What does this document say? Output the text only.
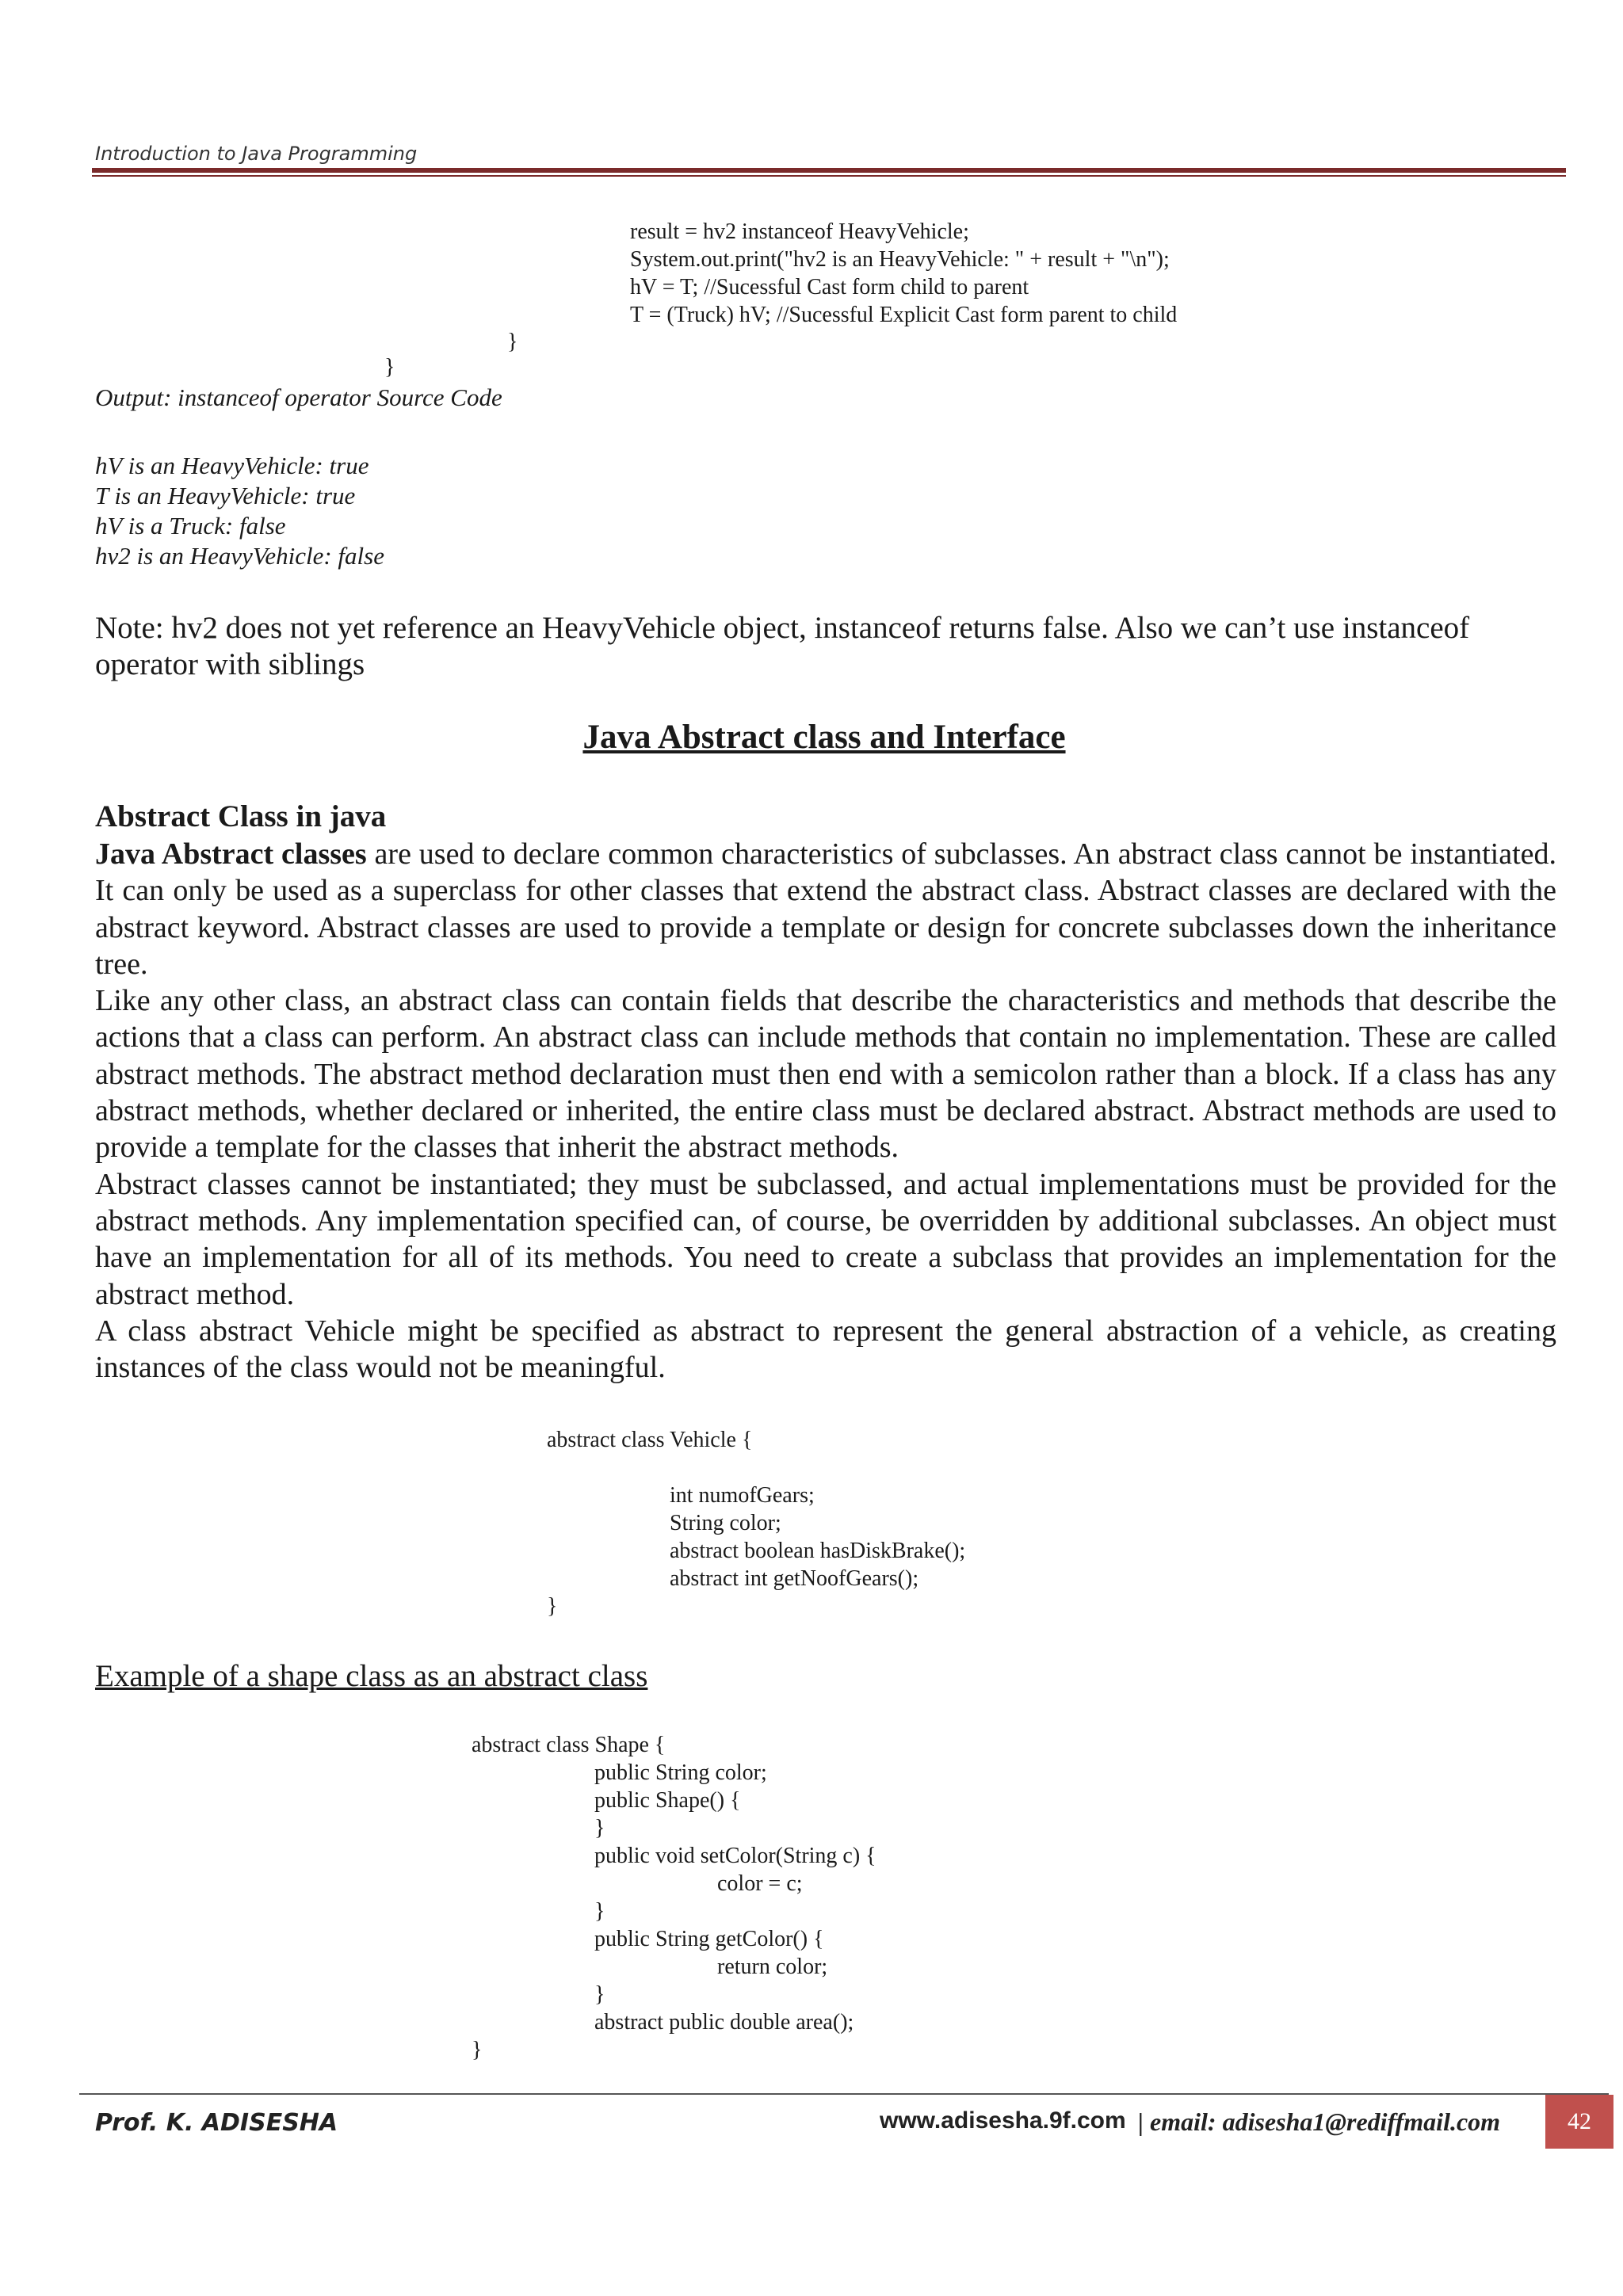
Introduction to Java Programming
result = hv2 instanceof HeavyVehicle;
System.out.print("hv2 is an HeavyVehicle: " + result + "\n");
hV = T; //Sucessful Cast form child to parent
T = (Truck) hV; //Sucessful Explicit Cast form parent to child
}
}
Output: instanceof operator Source Code
hV is an HeavyVehicle: true
T is an HeavyVehicle: true
hV is a Truck: false
hv2 is an HeavyVehicle: false
Note: hv2 does not yet reference an HeavyVehicle object, instanceof returns false. Also we can’t use instanceof operator with siblings
Java Abstract class and Interface
Abstract Class in java

Java Abstract classes are used to declare common characteristics of subclasses. An abstract class cannot be instantiated. It can only be used as a superclass for other classes that extend the abstract class. Abstract classes are declared with the abstract keyword. Abstract classes are used to provide a template or design for concrete subclasses down the inheritance tree.

Like any other class, an abstract class can contain fields that describe the characteristics and methods that describe the actions that a class can perform. An abstract class can include methods that contain no implementation. These are called abstract methods. The abstract method declaration must then end with a semicolon rather than a block. If a class has any abstract methods, whether declared or inherited, the entire class must be declared abstract. Abstract methods are used to provide a template for the classes that inherit the abstract methods.

Abstract classes cannot be instantiated; they must be subclassed, and actual implementations must be provided for the abstract methods. Any implementation specified can, of course, be overridden by additional subclasses. An object must have an implementation for all of its methods. You need to create a subclass that provides an implementation for the abstract method.

A class abstract Vehicle might be specified as abstract to represent the general abstraction of a vehicle, as creating instances of the class would not be meaningful.

abstract class Vehicle {
int numofGears;
String color;
abstract boolean hasDiskBrake();
abstract int getNoofGears();
}
Example of a shape class as an abstract class
abstract class Shape {
public String color;
public Shape() {
}
public void setColor(String c) {
color = c;
}
public String getColor() {
return color;
}
abstract public double area();
}
Prof. K. ADISESHA	www.adisesha.9f.com | email: adisesha1@rediffmail.com	42
